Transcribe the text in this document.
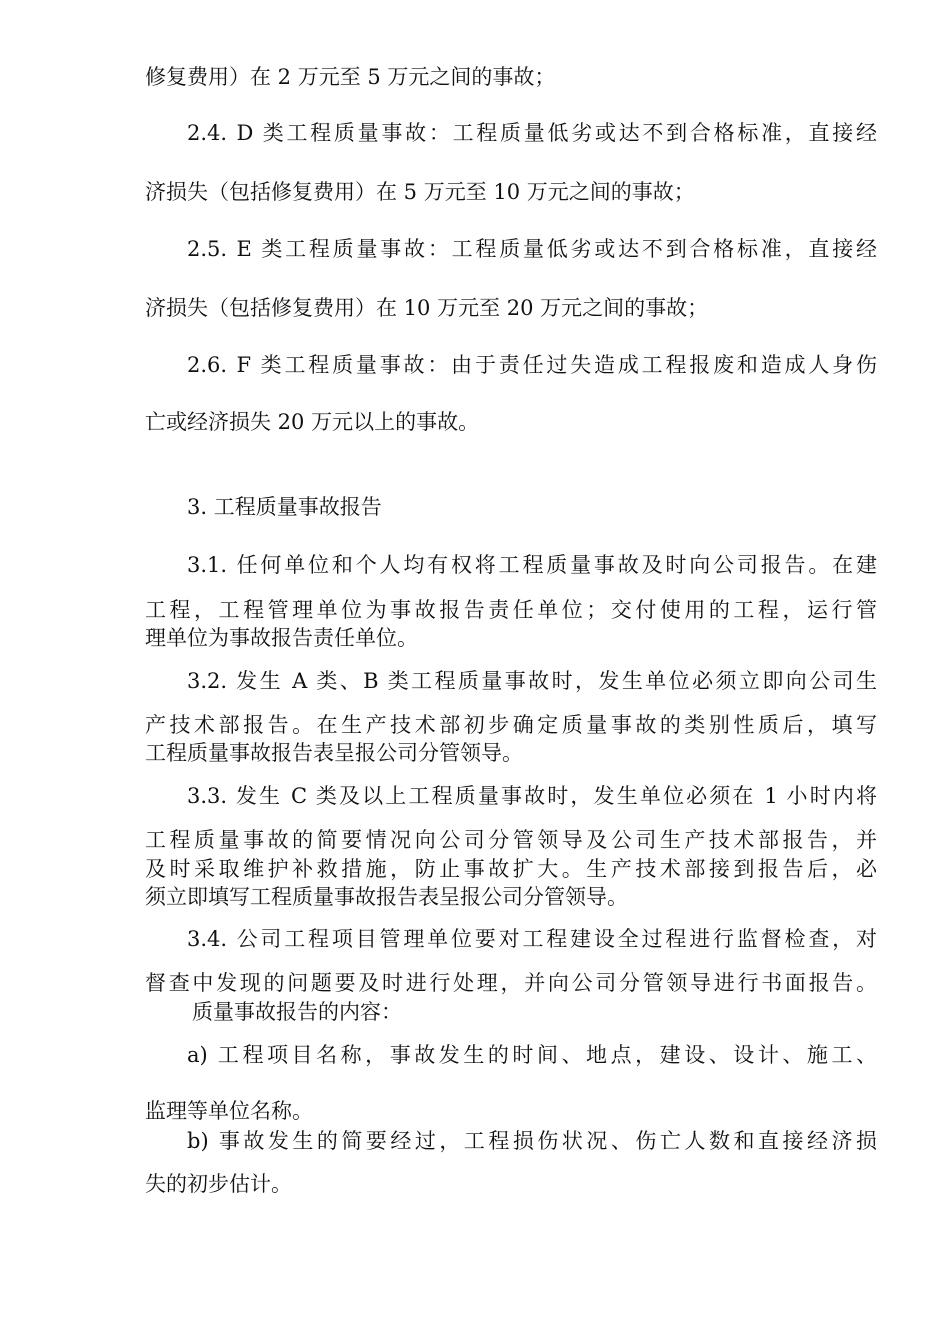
修复费用）在 2 万元至 5 万元之间的事故；
2.4. D 类工程质量事故：工程质量低劣或达不到合格标准，直接经
济损失（包括修复费用）在 5 万元至 10 万元之间的事故；
2.5. E 类工程质量事故：工程质量低劣或达不到合格标准，直接经
济损失（包括修复费用）在 10 万元至 20 万元之间的事故；
2.6. F 类工程质量事故：由于责任过失造成工程报废和造成人身伤
亡或经济损失 20 万元以上的事故。
3. 工程质量事故报告
3.1. 任何单位和个人均有权将工程质量事故及时向公司报告。在建
工程，工程管理单位为事故报告责任单位；交付使用的工程，运行管
理单位为事故报告责任单位。
3.2. 发生 A 类、B 类工程质量事故时，发生单位必须立即向公司生
产技术部报告。在生产技术部初步确定质量事故的类别性质后，填写
工程质量事故报告表呈报公司分管领导。
3.3. 发生 C 类及以上工程质量事故时，发生单位必须在 1 小时内将
工程质量事故的简要情况向公司分管领导及公司生产技术部报告，并
及时采取维护补救措施，防止事故扩大。生产技术部接到报告后，必
须立即填写工程质量事故报告表呈报公司分管领导。
3.4. 公司工程项目管理单位要对工程建设全过程进行监督检查，对
督查中发现的问题要及时进行处理，并向公司分管领导进行书面报告。
质量事故报告的内容：
a) 工程项目名称，事故发生的时间、地点，建设、设计、施工、
监理等单位名称。
b) 事故发生的简要经过，工程损伤状况、伤亡人数和直接经济损
失的初步估计。
